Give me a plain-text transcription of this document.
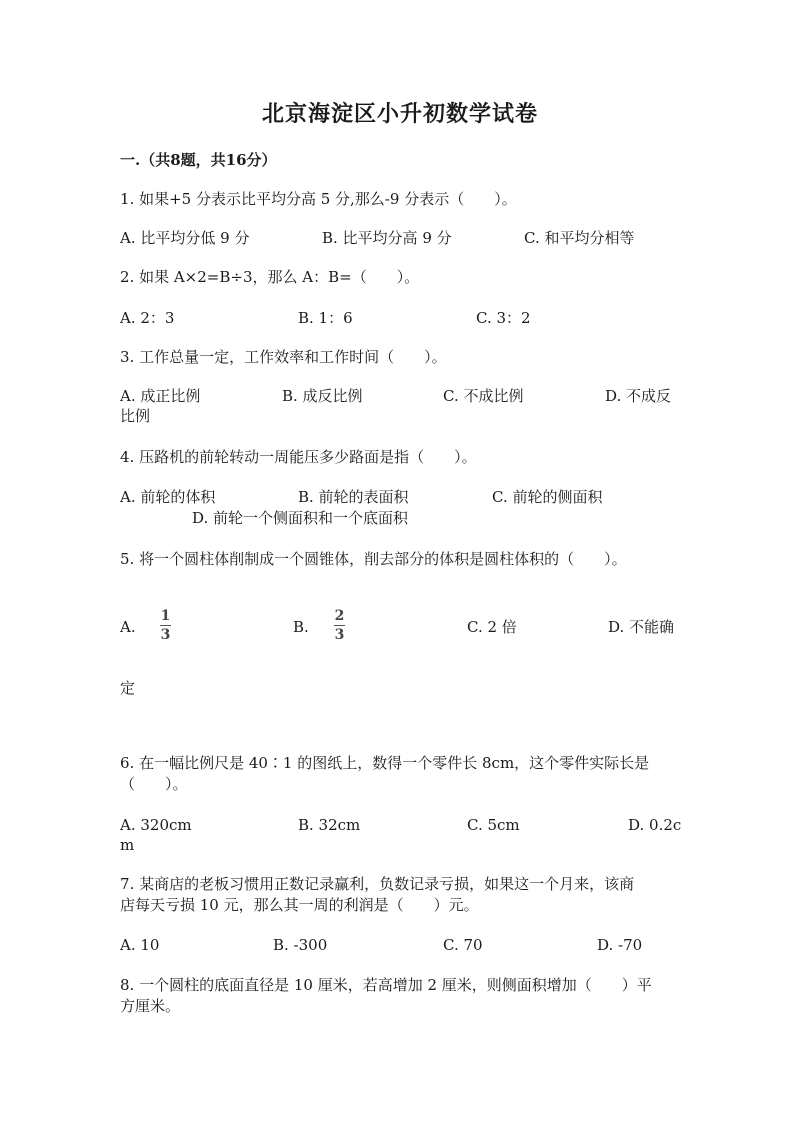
北京海淀区小升初数学试卷
一.（共8题，共16分）
1. 如果+5 分表示比平均分高 5 分,那么-9 分表示（　　）。
A. 比平均分低 9 分	B. 比平均分高 9 分	C. 和平均分相等
2. 如果 A×2=B÷3，那么 A：B=（　　）。
A. 2：3	B. 1：6	C. 3：2
3. 工作总量一定，工作效率和工作时间（　　）。
A. 成正比例	B. 成反比例	C. 不成比例	D. 不成反
比例
4. 压路机的前轮转动一周能压多少路面是指（　　）。
A. 前轮的体积	B. 前轮的表面积	C. 前轮的侧面积
D. 前轮一个侧面积和一个底面积
5. 将一个圆柱体削制成一个圆锥体，削去部分的体积是圆柱体积的（　　）。
A.
1
3	B.
2
3	C. 2 倍	D. 不能确
定
6. 在一幅比例尺是 40∶1 的图纸上，数得一个零件长 8cm，这个零件实际长是
（　　）。
A. 320cm	B. 32cm	C. 5cm	D. 0.2c
m
7. 某商店的老板习惯用正数记录赢利，负数记录亏损，如果这一个月来，该商
店每天亏损 10 元，那么其一周的利润是（　　）元。
A. 10	B. -300	C. 70	D. -70
8. 一个圆柱的底面直径是 10 厘米，若高增加 2 厘米，则侧面积增加（　　）平
方厘米。
